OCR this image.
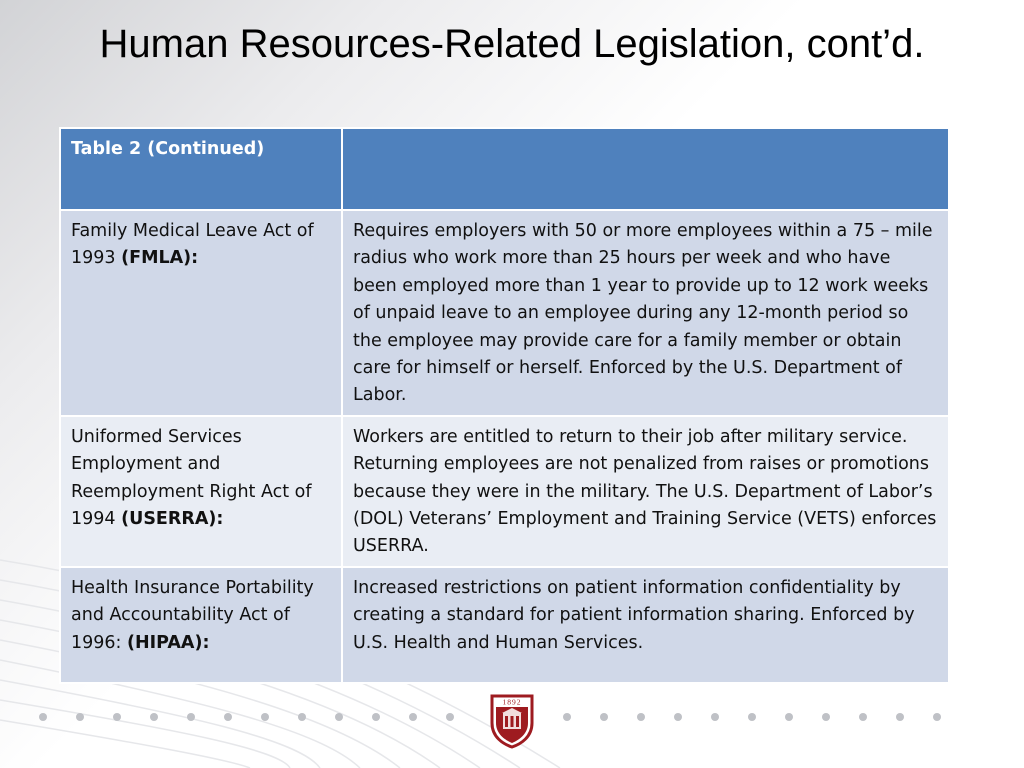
Human Resources-Related Legislation, cont’d.
Table 2 (Continued)	
Family Medical Leave Act of 1993 (FMLA):	Requires employers with 50 or more employees within a 75 – mile radius who work more than 25 hours per week and who have been employed more than 1 year to provide up to 12 work weeks of unpaid leave to an employee during any 12-month period so the employee may provide care for a family member or obtain care for himself or herself. Enforced by the U.S. Department of Labor.
Uniformed Services Employment and Reemployment Right Act of 1994 (USERRA):	Workers are entitled to return to their job after military service. Returning employees are not penalized from raises or promotions because they were in the military. The U.S. Department of Labor’s (DOL) Veterans’ Employment and Training Service (VETS) enforces USERRA.
Health Insurance Portability and Accountability Act of 1996: (HIPAA):	Increased restrictions on patient information confidentiality by creating a standard for patient information sharing. Enforced by U.S. Health and Human Services.
1892
